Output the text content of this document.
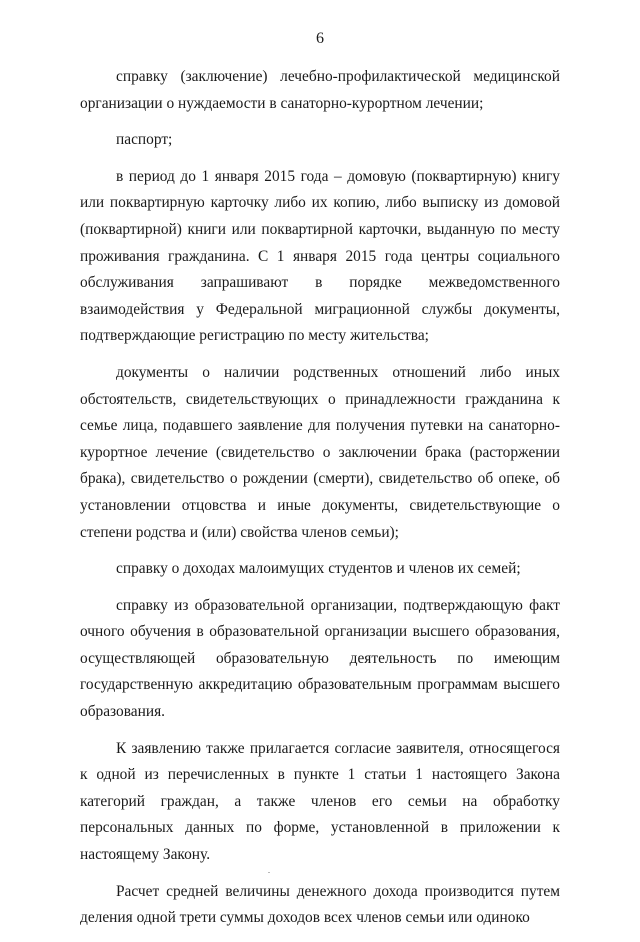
6

справку (заключение) лечебно-профилактической медицинской организации о нуждаемости в санаторно-курортном лечении;

паспорт;

в период до 1 января 2015 года – домовую (поквартирную) книгу или поквартирную карточку либо их копию, либо выписку из домовой (поквартирной) книги или поквартирной карточки, выданную по месту проживания гражданина. С 1 января 2015 года центры социального обслуживания запрашивают в порядке межведомственного взаимодействия у Федеральной миграционной службы документы, подтверждающие регистрацию по месту жительства;

документы о наличии родственных отношений либо иных обстоятельств, свидетельствующих о принадлежности гражданина к семье лица, подавшего заявление для получения путевки на санаторно-курортное лечение (свидетельство о заключении брака (расторжении брака), свидетельство о рождении (смерти), свидетельство об опеке, об установлении отцовства и иные документы, свидетельствующие о степени родства и (или) свойства членов семьи);

справку о доходах малоимущих студентов и членов их семей;

справку из образовательной организации, подтверждающую факт очного обучения в образовательной организации высшего образования, осуществляющей образовательную деятельность по имеющим государственную аккредитацию образовательным программам высшего образования.

К заявлению также прилагается согласие заявителя, относящегося к одной из перечисленных в пункте 1 статьи 1 настоящего Закона категорий граждан, а также членов его семьи на обработку персональных данных по форме, установленной в приложении к настоящему Закону.

Расчет средней величины денежного дохода производится путем деления одной трети суммы доходов всех членов семьи или одиноко
